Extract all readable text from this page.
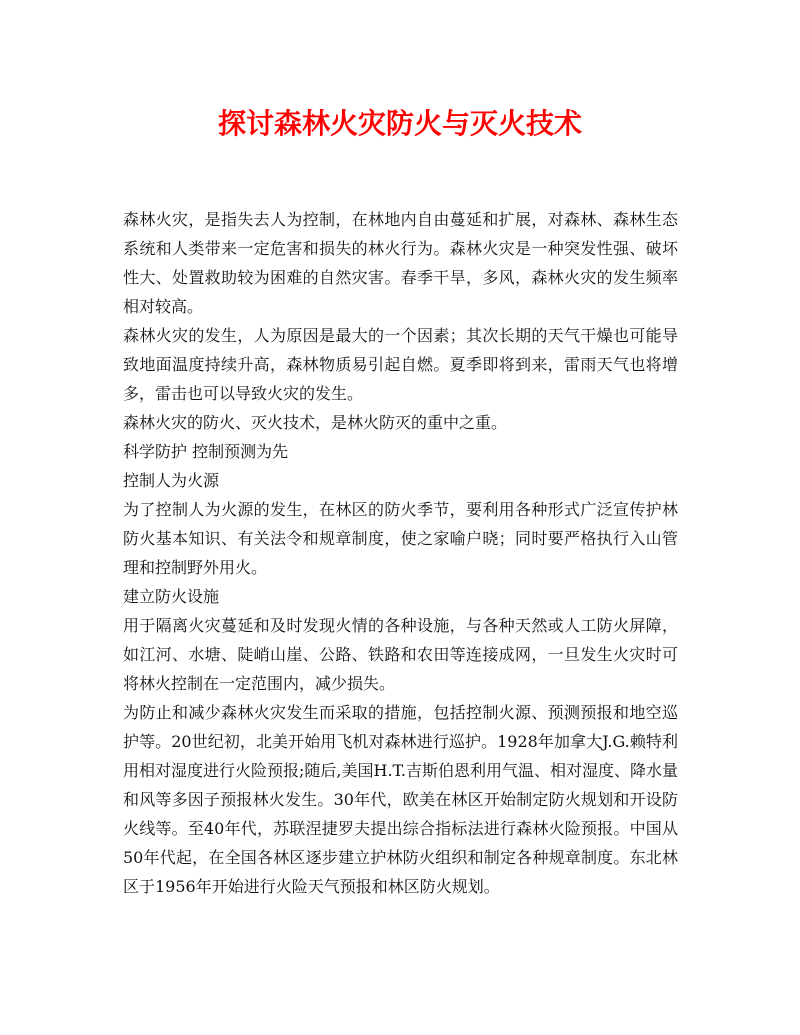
探讨森林火灾防火与灭火技术

森林火灾，是指失去人为控制，在林地内自由蔓延和扩展，对森林、森林生态系统和人类带来一定危害和损失的林火行为。森林火灾是一种突发性强、破坏性大、处置救助较为困难的自然灾害。春季干旱，多风，森林火灾的发生频率相对较高。

森林火灾的发生，人为原因是最大的一个因素；其次长期的天气干燥也可能导致地面温度持续升高，森林物质易引起自燃。夏季即将到来，雷雨天气也将增多，雷击也可以导致火灾的发生。

森林火灾的防火、灭火技术，是林火防灭的重中之重。

科学防护 控制预测为先

控制人为火源

为了控制人为火源的发生，在林区的防火季节，要利用各种形式广泛宣传护林防火基本知识、有关法令和规章制度，使之家喻户晓；同时要严格执行入山管理和控制野外用火。

建立防火设施

用于隔离火灾蔓延和及时发现火情的各种设施，与各种天然或人工防火屏障，如江河、水塘、陡峭山崖、公路、铁路和农田等连接成网，一旦发生火灾时可将林火控制在一定范围内，减少损失。

为防止和减少森林火灾发生而采取的措施，包括控制火源、预测预报和地空巡护等。20世纪初，北美开始用飞机对森林进行巡护。1928年加拿大J.G.赖特利用相对湿度进行火险预报;随后,美国H.T.吉斯伯恩利用气温、相对湿度、降水量和风等多因子预报林火发生。30年代，欧美在林区开始制定防火规划和开设防火线等。至40年代，苏联涅捷罗夫提出综合指标法进行森林火险预报。中国从50年代起，在全国各林区逐步建立护林防火组织和制定各种规章制度。东北林区于1956年开始进行火险天气预报和林区防火规划。
